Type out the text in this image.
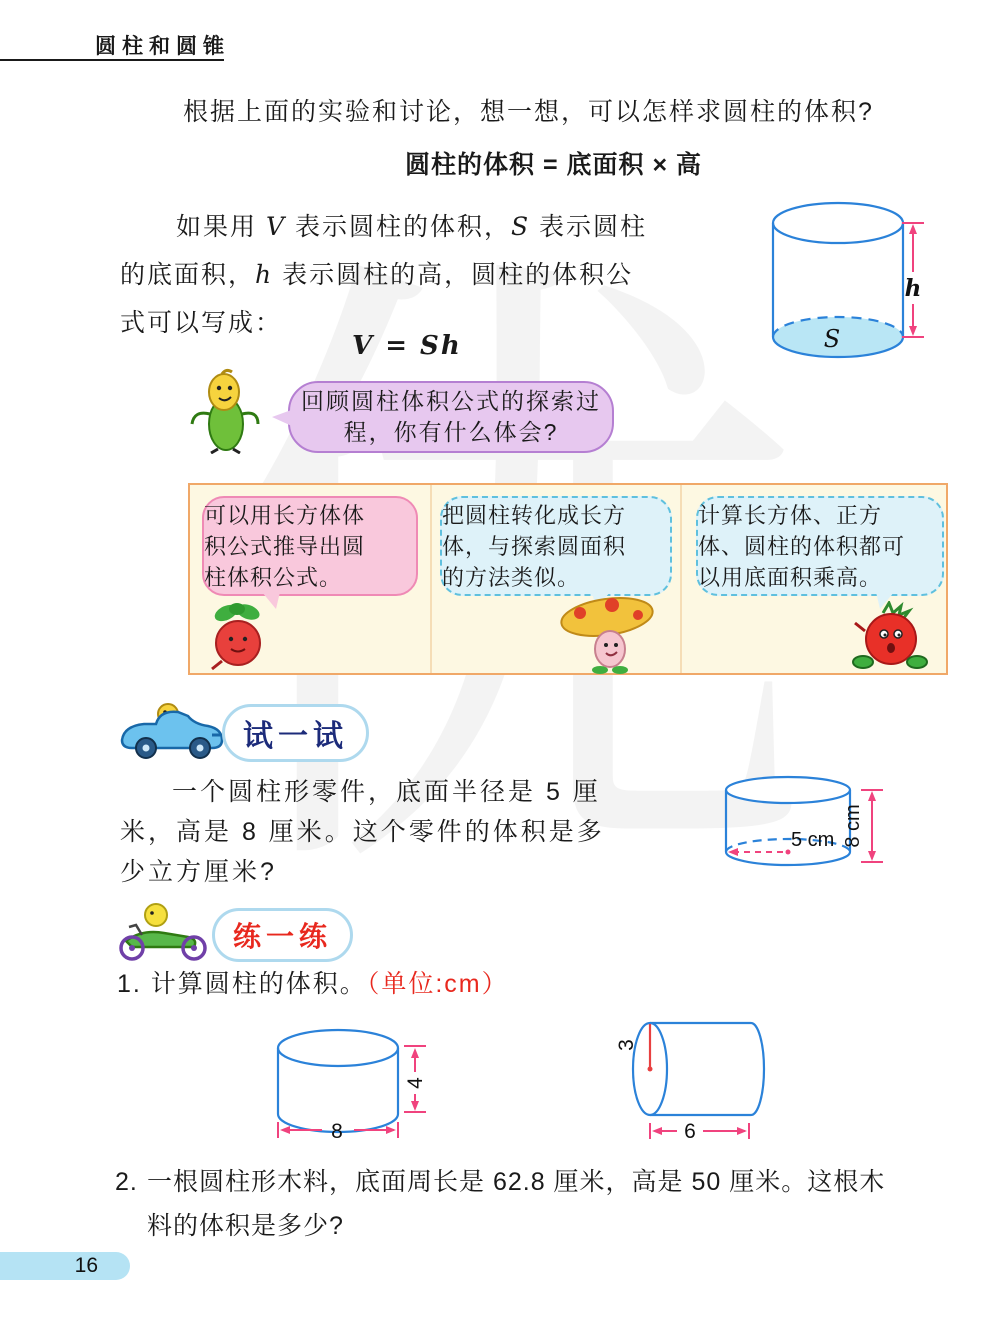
圆柱和圆锥
根据上面的实验和讨论，想一想，可以怎样求圆柱的体积?
圆柱的体积 = 底面积 × 高
如果用 V 表示圆柱的体积，S 表示圆柱
的底面积，h 表示圆柱的高，圆柱的体积公
式可以写成：
V = Sh	S
h
回顾圆柱体积公式的探索过
程，你有什么体会?
可以用长方体体
积公式推导出圆
柱体积公式。
把圆柱转化成长方
体，与探索圆面积
的方法类似。
计算长方体、正方
体、圆柱的体积都可
以用底面积乘高。
试一试
一个圆柱形零件，底面半径是 5 厘
米，高是 8 厘米。这个零件的体积是多
少立方厘米?
5 cm 8 cm
练一练
1. 计算圆柱的体积。（单位:cm）
4
8
3
6
2. 一根圆柱形木料，底面周长是 62.8 厘米，高是 50 厘米。这根木
料的体积是多少?
16
